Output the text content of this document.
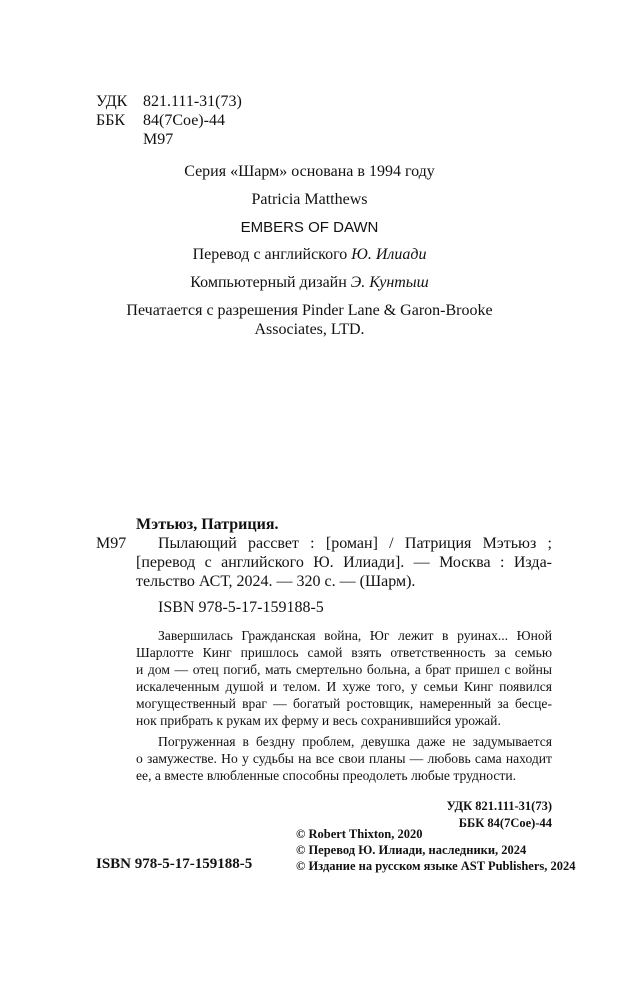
УДК 821.111-31(73)
ББК 84(7Сое)-44
М97
Серия «Шарм» основана в 1994 году
Patricia Matthews
EMBERS OF DAWN
Перевод с английского Ю. Илиади
Компьютерный дизайн Э. Кунтыш
Печатается с разрешения Pinder Lane & Garon-Brooke
Associates, LTD.
Мэтьюз, Патриция.
М97 Пылающий рассвет : [роман] / Патриция Мэтьюз ;
[перевод с английского Ю. Илиади]. — Москва : Изда-
тельство АСТ, 2024. — 320 с. — (Шарм).
ISBN 978-5-17-159188-5
Завершилась Гражданская война, Юг лежит в руинах... Юной
Шарлотте Кинг пришлось самой взять ответственность за семью
и дом — отец погиб, мать смертельно больна, а брат пришел с войны
искалеченным душой и телом. И хуже того, у семьи Кинг появился
могущественный враг — богатый ростовщик, намеренный за бесце-
нок прибрать к рукам их ферму и весь сохранившийся урожай.
Погруженная в бездну проблем, девушка даже не задумывается
о замужестве. Но у судьбы на все свои планы — любовь сама находит
ее, а вместе влюбленные способны преодолеть любые трудности.
УДК 821.111-31(73)
ББК 84(7Сое)-44
ISBN 978-5-17-159188-5
© Robert Thixton, 2020
© Перевод Ю. Илиади, наследники, 2024
© Издание на русском языке AST Publishers, 2024
